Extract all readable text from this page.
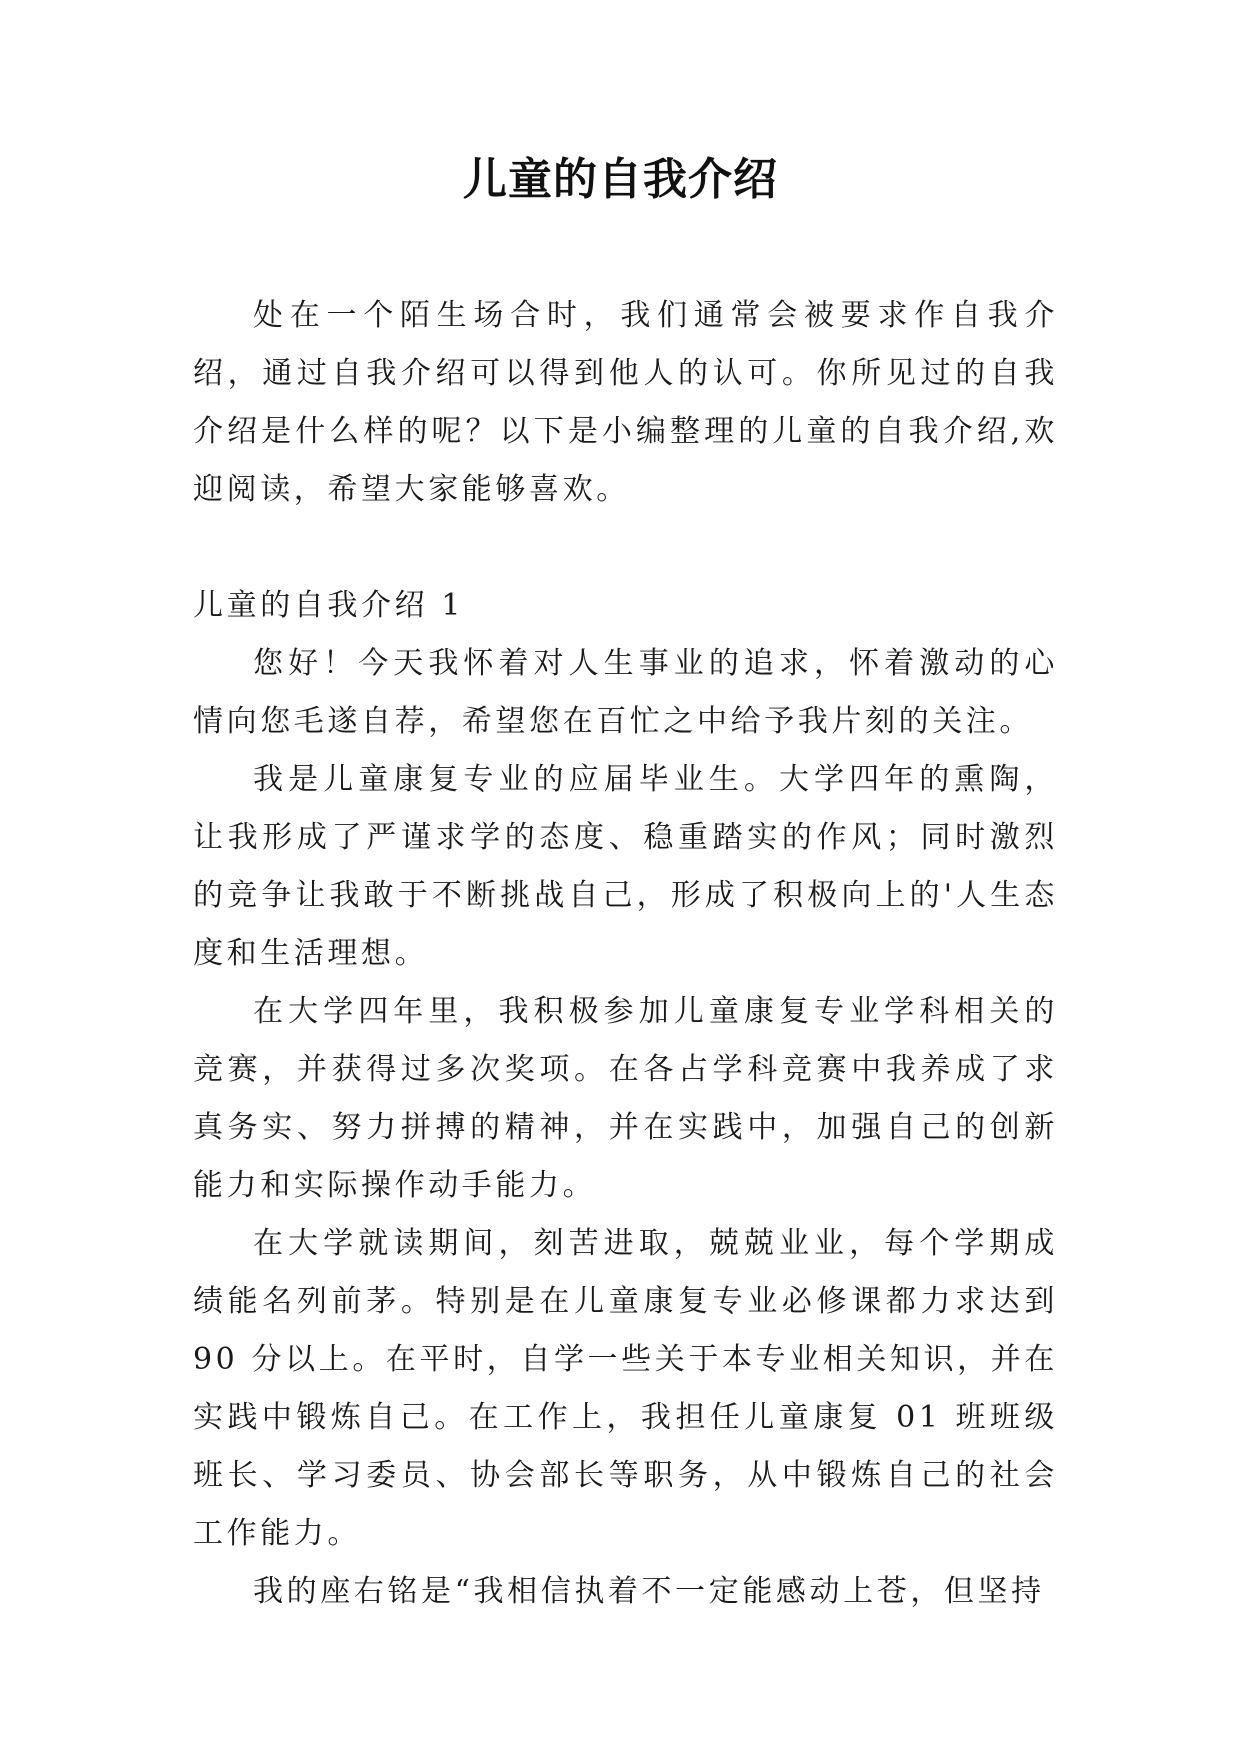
儿童的自我介绍

处在一个陌生场合时，我们通常会被要求作自我介绍，通过自我介绍可以得到他人的认可。你所见过的自我介绍是什么样的呢？以下是小编整理的儿童的自我介绍,欢迎阅读，希望大家能够喜欢。

儿童的自我介绍 1

您好！今天我怀着对人生事业的追求，怀着激动的心情向您毛遂自荐，希望您在百忙之中给予我片刻的关注。

我是儿童康复专业的应届毕业生。大学四年的熏陶，让我形成了严谨求学的态度、稳重踏实的作风；同时激烈的竞争让我敢于不断挑战自己，形成了积极向上的'人生态度和生活理想。

在大学四年里，我积极参加儿童康复专业学科相关的竞赛，并获得过多次奖项。在各占学科竞赛中我养成了求真务实、努力拼搏的精神，并在实践中，加强自己的创新能力和实际操作动手能力。

在大学就读期间，刻苦进取，兢兢业业，每个学期成绩能名列前茅。特别是在儿童康复专业必修课都力求达到 90 分以上。在平时，自学一些关于本专业相关知识，并在实践中锻炼自己。在工作上，我担任儿童康复 01 班班级班长、学习委员、协会部长等职务，从中锻炼自己的社会工作能力。

我的座右铭是“我相信执着不一定能感动上苍，但坚持
